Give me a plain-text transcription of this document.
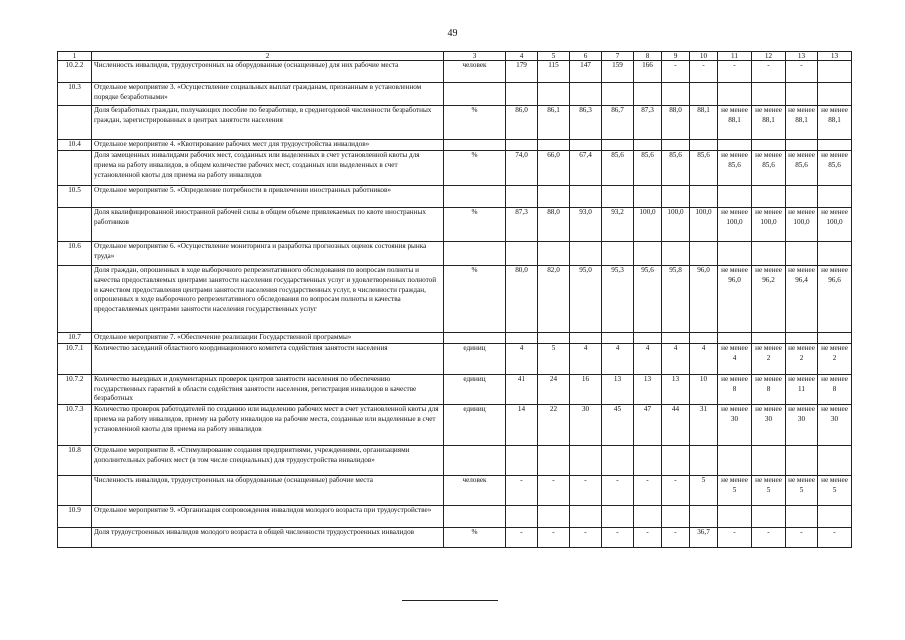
49
1	2	3	4	5	6	7	8	9	10	11	12	13	13
10.2.2	Численность инвалидов, трудоустроенных на оборудованные (оснащенные) для них рабочие места	человек	179	115	147	159	166	-	-	-	-	-	
10.3	Отдельное мероприятие 3. «Осуществление социальных выплат гражданам, признанным в установленном порядке безработными»												
	Доля безработных граждан, получающих пособие по безработице, в среднегодовой численности безработных граждан, зарегистрированных в центрах занятости населения	%	86,0	86,1	86,3	86,7	87,3	88,0	88,1	не менее 88,1	не менее 88,1	не менее 88,1	не менее 88,1
10.4	Отдельное мероприятие 4. «Квотирование рабочих мест для трудоустройства инвалидов»												
	Доля замещенных инвалидами рабочих мест, созданных или выделенных в счет установленной квоты для приема на работу инвалидов, в общем количестве рабочих мест, созданных или выделенных в счет установленной квоты для приема на работу инвалидов	%	74,0	66,0	67,4	85,6	85,6	85,6	85,6	не менее 85,6	не менее 85,6	не менее 85,6	не менее 85,6
10.5	Отдельное мероприятие 5. «Определение потребности в привлечении иностранных работников»												
	Доля квалифицированной иностранной рабочей силы в общем объеме привлекаемых по квоте иностранных работников	%	87,3	88,0	93,0	93,2	100,0	100,0	100,0	не менее 100,0	не менее 100,0	не менее 100,0	не менее 100,0
10.6	Отдельное мероприятие 6. «Осуществление мониторинга и разработка прогнозных оценок состояния рынка труда»												
	Доля граждан, опрошенных в ходе выборочного репрезентативного обследования по вопросам полноты и качества предоставляемых центрами занятости населения государственных услуг и удовлетворенных полнотой и качеством предоставления центрами занятости населения государственных услуг, в численности граждан, опрошенных в ходе выборочного репрезентативного обследования по вопросам полноты и качества предоставляемых центрами занятости населения государственных услуг	%	80,0	82,0	95,0	95,3	95,6	95,8	96,0	не менее 96,0	не менее 96,2	не менее 96,4	не менее 96,6
10.7	Отдельное мероприятие 7. «Обеспечение реализации Государственной программы»												
10.7.1	Количество заседаний областного координационного комитета содействия занятости населения	единиц	4	5	4	4	4	4	4	не менее 4	не менее 2	не менее 2	не менее 2
10.7.2	Количество выездных и документарных проверок центров занятости населения по обеспечению государственных гарантий в области содействия занятости населения, регистрация инвалидов в качестве безработных	единиц	41	24	16	13	13	13	10	не менее 8	не менее 8	не менее 11	не менее 8
10.7.3	Количество проверок работодателей по созданию или выделению рабочих мест в счет установленной квоты для приема на работу инвалидов, приему на работу инвалидов на рабочие места, созданные или выделенные в счет установленной квоты для приема на работу инвалидов	единиц	14	22	30	45	47	44	31	не менее 30	не менее 30	не менее 30	не менее 30
10.8	Отдельное мероприятие 8. «Стимулирование создания предприятиями, учреждениями, организациями дополнительных рабочих мест (в том числе специальных) для трудоустройства инвалидов»												
	Численность инвалидов, трудоустроенных на оборудованные (оснащенные) рабочие места	человек	-	-	-	-	-	-	5	не менее 5	не менее 5	не менее 5	не менее 5
10.9	Отдельное мероприятие 9. «Организация сопровождения инвалидов молодого возраста при трудоустройстве»												
	Доля трудоустроенных инвалидов молодого возраста в общей численности трудоустроенных инвалидов	%	-	-	-	-	-	-	36,7	-	-	-	-
